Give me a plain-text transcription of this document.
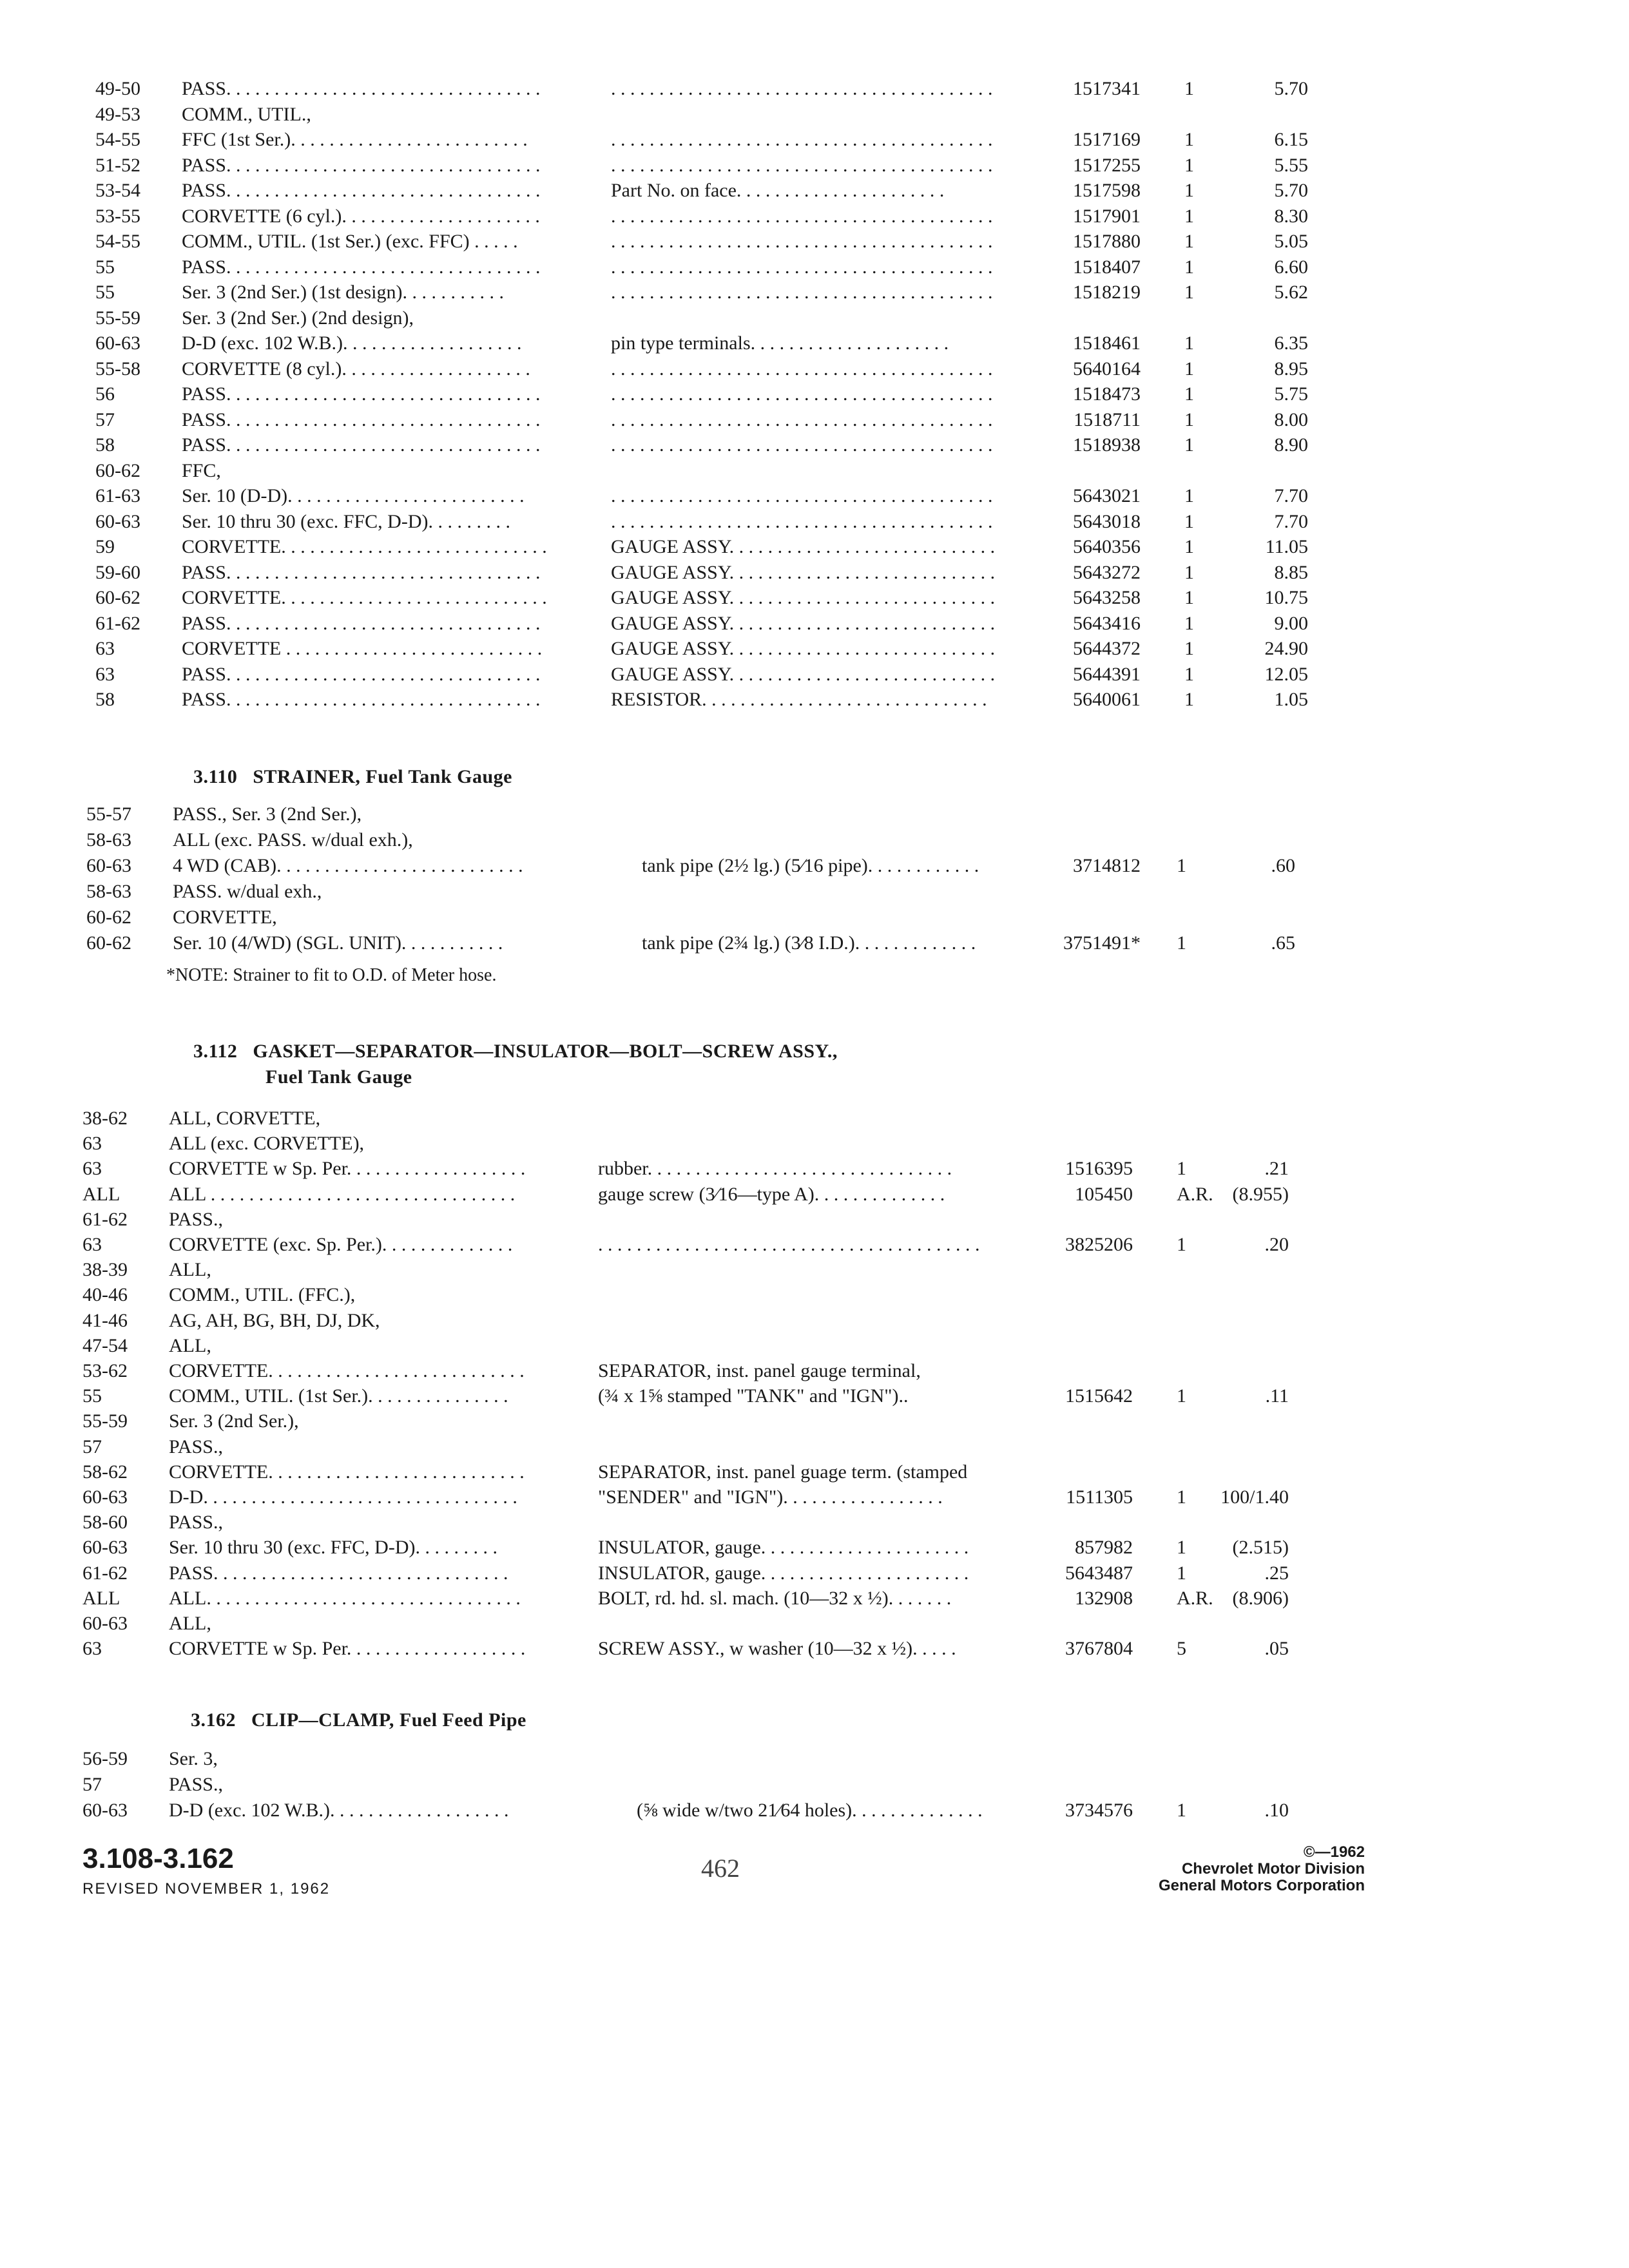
49-50	PASS. . . . . . . . . . . . . . . . . . . . . . . . . . . . . . . . .	. . . . . . . . . . . . . . . . . . . . . . . . . . . . . . . . . . . . . . . .	1517341 1	5.70
49-53	COMM., UTIL.,
54-55	FFC (1st Ser.). . . . . . . . . . . . . . . . . . . . . . . . .	. . . . . . . . . . . . . . . . . . . . . . . . . . . . . . . . . . . . . . . .	1517169 1	6.15
51-52	PASS. . . . . . . . . . . . . . . . . . . . . . . . . . . . . . . . .	. . . . . . . . . . . . . . . . . . . . . . . . . . . . . . . . . . . . . . . .	1517255 1	5.55
53-54	PASS. . . . . . . . . . . . . . . . . . . . . . . . . . . . . . . . .	Part No. on face. . . . . . . . . . . . . . . . . . . . . .	1517598 1	5.70
53-55	CORVETTE (6 cyl.). . . . . . . . . . . . . . . . . . . . .	. . . . . . . . . . . . . . . . . . . . . . . . . . . . . . . . . . . . . . . .	1517901 1	8.30
54-55	COMM., UTIL. (1st Ser.) (exc. FFC) . . . . .	. . . . . . . . . . . . . . . . . . . . . . . . . . . . . . . . . . . . . . . .	1517880 1	5.05
55	PASS. . . . . . . . . . . . . . . . . . . . . . . . . . . . . . . . .	. . . . . . . . . . . . . . . . . . . . . . . . . . . . . . . . . . . . . . . .	1518407 1	6.60
55	Ser. 3 (2nd Ser.) (1st design). . . . . . . . . . .	. . . . . . . . . . . . . . . . . . . . . . . . . . . . . . . . . . . . . . . .	1518219 1	5.62
55-59	Ser. 3 (2nd Ser.) (2nd design),
60-63	D-D (exc. 102 W.B.). . . . . . . . . . . . . . . . . . .	pin type terminals. . . . . . . . . . . . . . . . . . . . .	1518461 1	6.35
55-58	CORVETTE (8 cyl.). . . . . . . . . . . . . . . . . . . .	. . . . . . . . . . . . . . . . . . . . . . . . . . . . . . . . . . . . . . . .	5640164 1	8.95
56	PASS. . . . . . . . . . . . . . . . . . . . . . . . . . . . . . . . .	. . . . . . . . . . . . . . . . . . . . . . . . . . . . . . . . . . . . . . . .	1518473 1	5.75
57	PASS. . . . . . . . . . . . . . . . . . . . . . . . . . . . . . . . .	. . . . . . . . . . . . . . . . . . . . . . . . . . . . . . . . . . . . . . . .	1518711 1	8.00
58	PASS. . . . . . . . . . . . . . . . . . . . . . . . . . . . . . . . .	. . . . . . . . . . . . . . . . . . . . . . . . . . . . . . . . . . . . . . . .	1518938 1	8.90
60-62	FFC,
61-63	Ser. 10 (D-D). . . . . . . . . . . . . . . . . . . . . . . . .	. . . . . . . . . . . . . . . . . . . . . . . . . . . . . . . . . . . . . . . .	5643021 1	7.70
60-63	Ser. 10 thru 30 (exc. FFC, D-D). . . . . . . . .	. . . . . . . . . . . . . . . . . . . . . . . . . . . . . . . . . . . . . . . .	5643018 1	7.70
59	CORVETTE. . . . . . . . . . . . . . . . . . . . . . . . . . . .	GAUGE ASSY. . . . . . . . . . . . . . . . . . . . . . . . . . . .	5640356 1	11.05
59-60	PASS. . . . . . . . . . . . . . . . . . . . . . . . . . . . . . . . .	GAUGE ASSY. . . . . . . . . . . . . . . . . . . . . . . . . . . .	5643272 1	8.85
60-62	CORVETTE. . . . . . . . . . . . . . . . . . . . . . . . . . . .	GAUGE ASSY. . . . . . . . . . . . . . . . . . . . . . . . . . . .	5643258 1	10.75
61-62	PASS. . . . . . . . . . . . . . . . . . . . . . . . . . . . . . . . .	GAUGE ASSY. . . . . . . . . . . . . . . . . . . . . . . . . . . .	5643416 1	9.00
63	CORVETTE . . . . . . . . . . . . . . . . . . . . . . . . . . .	GAUGE ASSY. . . . . . . . . . . . . . . . . . . . . . . . . . . .	5644372 1	24.90
63	PASS. . . . . . . . . . . . . . . . . . . . . . . . . . . . . . . . .	GAUGE ASSY. . . . . . . . . . . . . . . . . . . . . . . . . . . .	5644391 1	12.05
58	PASS. . . . . . . . . . . . . . . . . . . . . . . . . . . . . . . . .	RESISTOR. . . . . . . . . . . . . . . . . . . . . . . . . . . . . .	5640061 1	1.05
3.110 STRAINER, Fuel Tank Gauge
55-57	PASS., Ser. 3 (2nd Ser.),
58-63	ALL (exc. PASS. w/dual exh.),
60-63	4 WD (CAB). . . . . . . . . . . . . . . . . . . . . . . . . .	tank pipe (2½ lg.) (5⁄16 pipe). . . . . . . . . . . .	3714812 1	.60
58-63	PASS. w/dual exh.,
60-62	CORVETTE,
60-62	Ser. 10 (4/WD) (SGL. UNIT). . . . . . . . . . .	tank pipe (2¾ lg.) (3⁄8 I.D.). . . . . . . . . . . . .	3751491* 1	.65
*NOTE: Strainer to fit to O.D. of Meter hose.
3.112 GASKET—SEPARATOR—INSULATOR—BOLT—SCREW ASSY.,
Fuel Tank Gauge
38-62	ALL, CORVETTE,
63	ALL (exc. CORVETTE),
63	CORVETTE w Sp. Per. . . . . . . . . . . . . . . . . . .	rubber. . . . . . . . . . . . . . . . . . . . . . . . . . . . . . . .	1516395 1	.21
ALL	ALL . . . . . . . . . . . . . . . . . . . . . . . . . . . . . . . .	gauge screw (3⁄16—type A). . . . . . . . . . . . . .	105450 A.R. (8.955)
61-62	PASS.,
63	CORVETTE (exc. Sp. Per.). . . . . . . . . . . . . .	. . . . . . . . . . . . . . . . . . . . . . . . . . . . . . . . . . . . . . . .	3825206 1	.20
38-39	ALL,
40-46	COMM., UTIL. (FFC.),
41-46	AG, AH, BG, BH, DJ, DK,
47-54	ALL,
53-62	CORVETTE. . . . . . . . . . . . . . . . . . . . . . . . . . .	SEPARATOR, inst. panel gauge terminal,
55	COMM., UTIL. (1st Ser.). . . . . . . . . . . . . . .	(¾ x 1⅝ stamped "TANK" and "IGN")..	1515642 1	.11
55-59	Ser. 3 (2nd Ser.),
57	PASS.,
58-62	CORVETTE. . . . . . . . . . . . . . . . . . . . . . . . . . .	SEPARATOR, inst. panel guage term. (stamped
60-63	D-D. . . . . . . . . . . . . . . . . . . . . . . . . . . . . . . . .	"SENDER" and "IGN"). . . . . . . . . . . . . . . . .	1511305 1	100/1.40
58-60	PASS.,
60-63	Ser. 10 thru 30 (exc. FFC, D-D). . . . . . . . .	INSULATOR, gauge. . . . . . . . . . . . . . . . . . . . . .	857982 1	(2.515)
61-62	PASS. . . . . . . . . . . . . . . . . . . . . . . . . . . . . . .	INSULATOR, gauge. . . . . . . . . . . . . . . . . . . . . .	5643487 1	.25
ALL	ALL. . . . . . . . . . . . . . . . . . . . . . . . . . . . . . . . .	BOLT, rd. hd. sl. mach. (10—32 x ½). . . . . . .	132908 A.R. (8.906)
60-63	ALL,
63	CORVETTE w Sp. Per. . . . . . . . . . . . . . . . . . .	SCREW ASSY., w washer (10—32 x ½). . . . .	3767804 5	.05
3.162 CLIP—CLAMP, Fuel Feed Pipe
56-59	Ser. 3,
57	PASS.,
60-63	D-D (exc. 102 W.B.). . . . . . . . . . . . . . . . . . .	(⅝ wide w/two 21⁄64 holes). . . . . . . . . . . . . .	3734576 1	.10
3.108-3.162
REVISED NOVEMBER 1, 1962
462
©—1962
Chevrolet Motor Division
General Motors Corporation
